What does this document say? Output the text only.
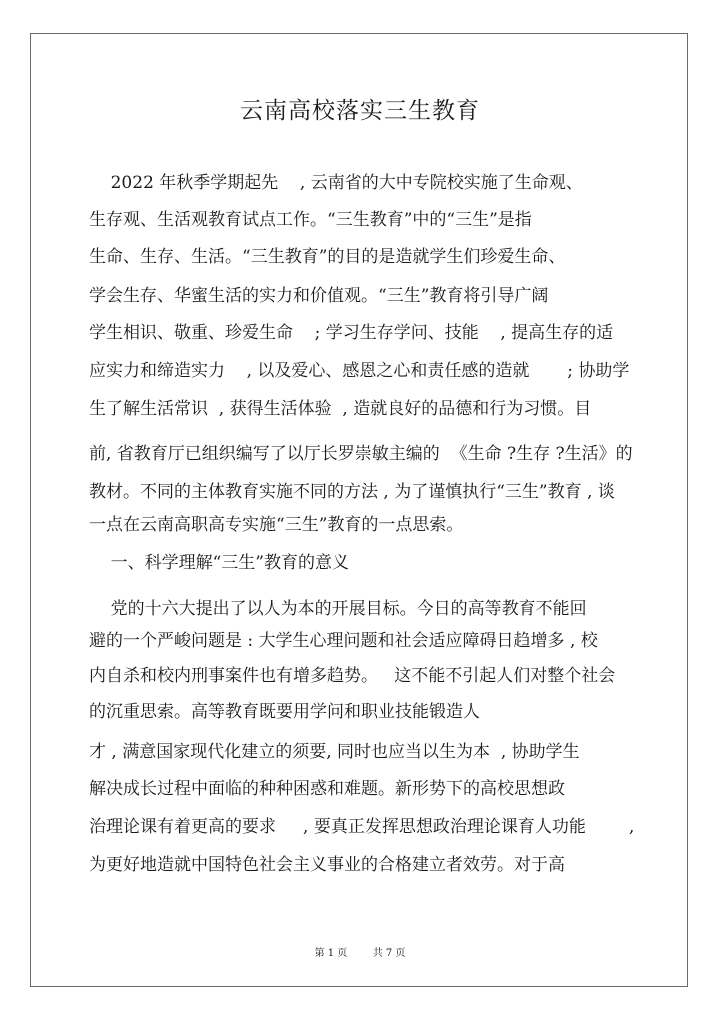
云南高校落实三生教育
2022 年秋季学期起先    , 云南省的大中专院校实施了生命观、
生存观、生活观教育试点工作。“三生教育”中的“三生”是指
生命、生存、生活。“三生教育”的目的是造就学生们珍爱生命、
学会生存、华蜜生活的实力和价值观。“三生”教育将引导广阔
学生相识、敬重、珍爱生命    ; 学习生存学问、技能    , 提高生存的适
应实力和缔造实力    , 以及爱心、感恩之心和责任感的造就       ; 协助学
生了解生活常识  , 获得生活体验  , 造就良好的品德和行为习惯。目
前, 省教育厅已组织编写了以厅长罗崇敏主编的  《生命 ?生存 ?生活》的
教材。不同的主体教育实施不同的方法 , 为了谨慎执行“三生”教育 , 谈
一点在云南高职高专实施“三生”教育的一点思索。
一、科学理解“三生”教育的意义
党的十六大提出了以人为本的开展目标。今日的高等教育不能回
避的一个严峻问题是 : 大学生心理问题和社会适应障碍日趋增多 , 校
内自杀和校内刑事案件也有增多趋势。   这不能不引起人们对整个社会
的沉重思索。高等教育既要用学问和职业技能锻造人
才 , 满意国家现代化建立的须要, 同时也应当以生为本  , 协助学生
解决成长过程中面临的种种困惑和难题。新形势下的高校思想政
治理论课有着更高的要求     , 要真正发挥思想政治理论课育人功能        ,
为更好地造就中国特色社会主义事业的合格建立者效劳。对于高
第 1 页        共 7 页
